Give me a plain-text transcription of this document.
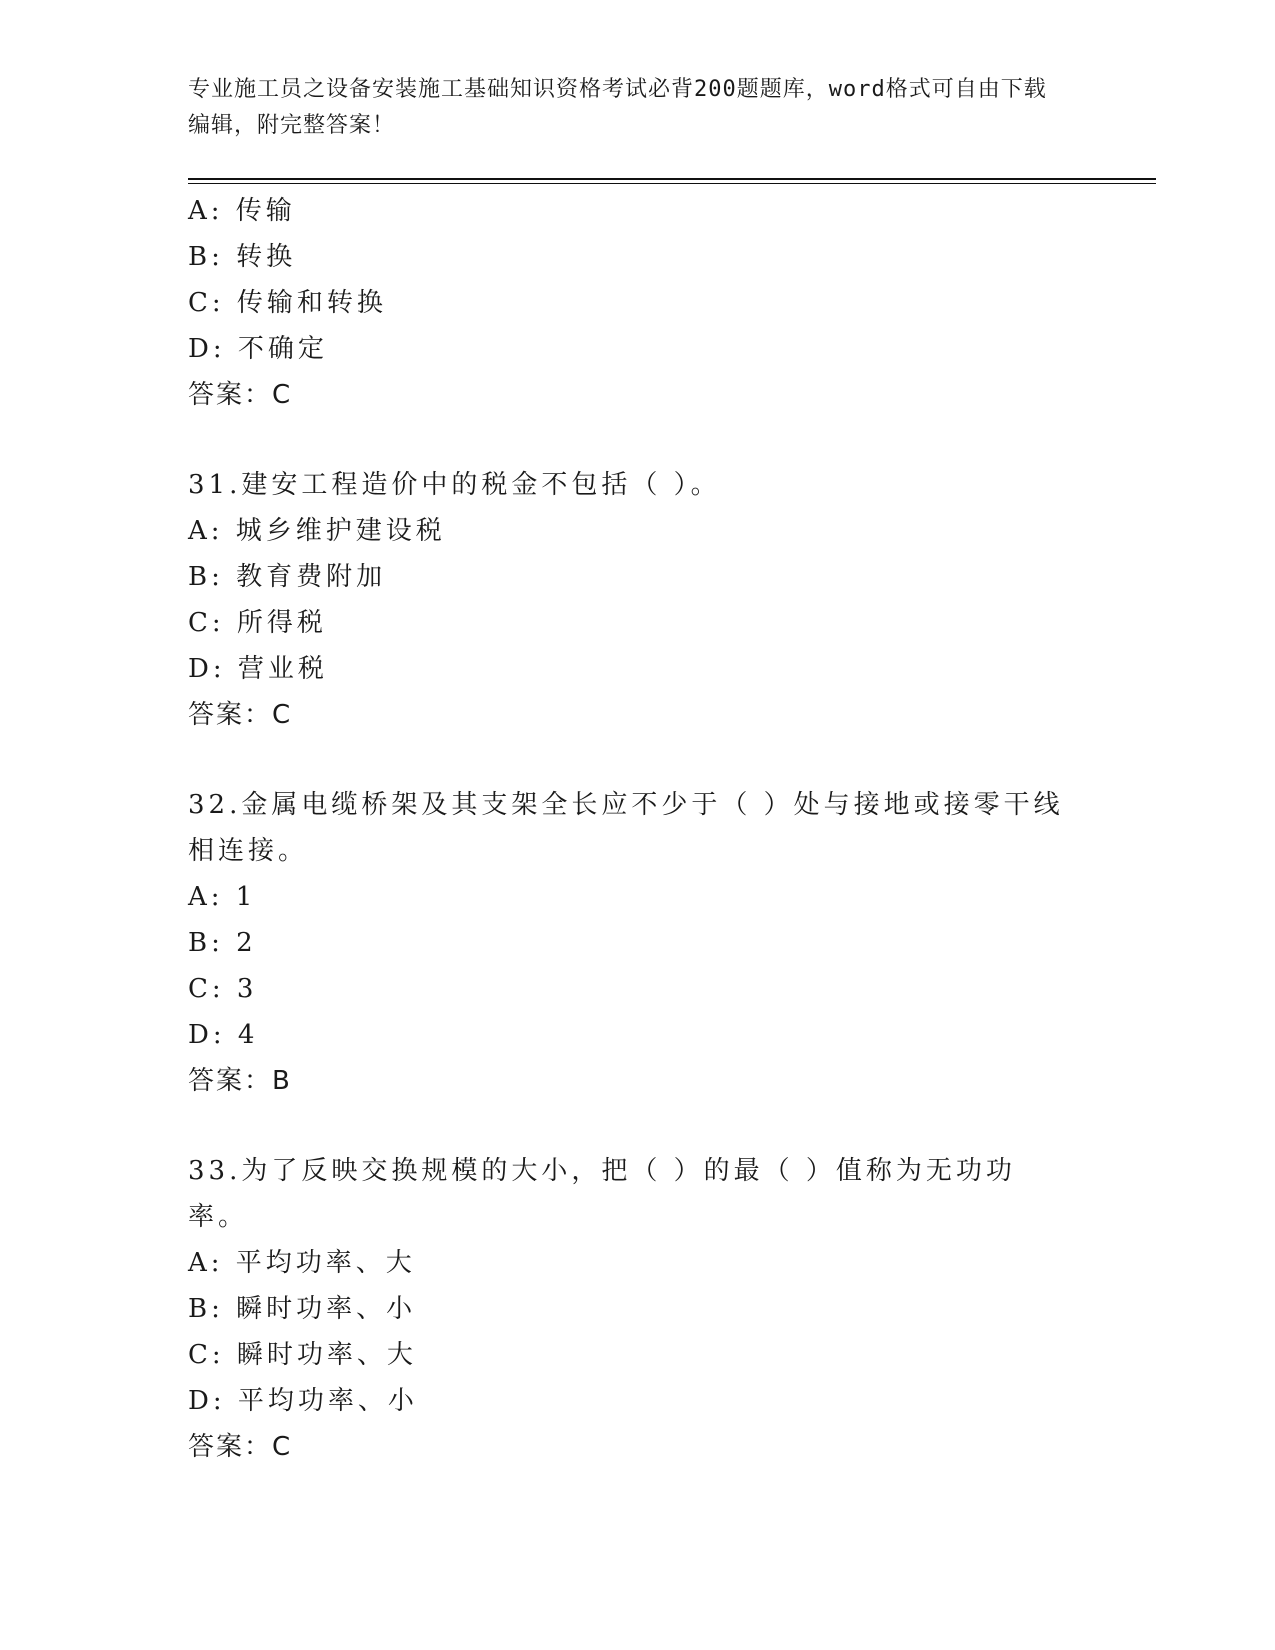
专业施工员之设备安装施工基础知识资格考试必背200题题库，word格式可自由下载编辑，附完整答案！
A: 传输
B: 转换
C: 传输和转换
D: 不确定
答案：C
31.建安工程造价中的税金不包括（ ）。
A: 城乡维护建设税
B: 教育费附加
C: 所得税
D: 营业税
答案：C
32.金属电缆桥架及其支架全长应不少于（ ）处与接地或接零干线相连接。
A: 1
B: 2
C: 3
D: 4
答案：B
33.为了反映交换规模的大小，把（ ）的最（ ）值称为无功功率。
A: 平均功率、大
B: 瞬时功率、小
C: 瞬时功率、大
D: 平均功率、小
答案：C
